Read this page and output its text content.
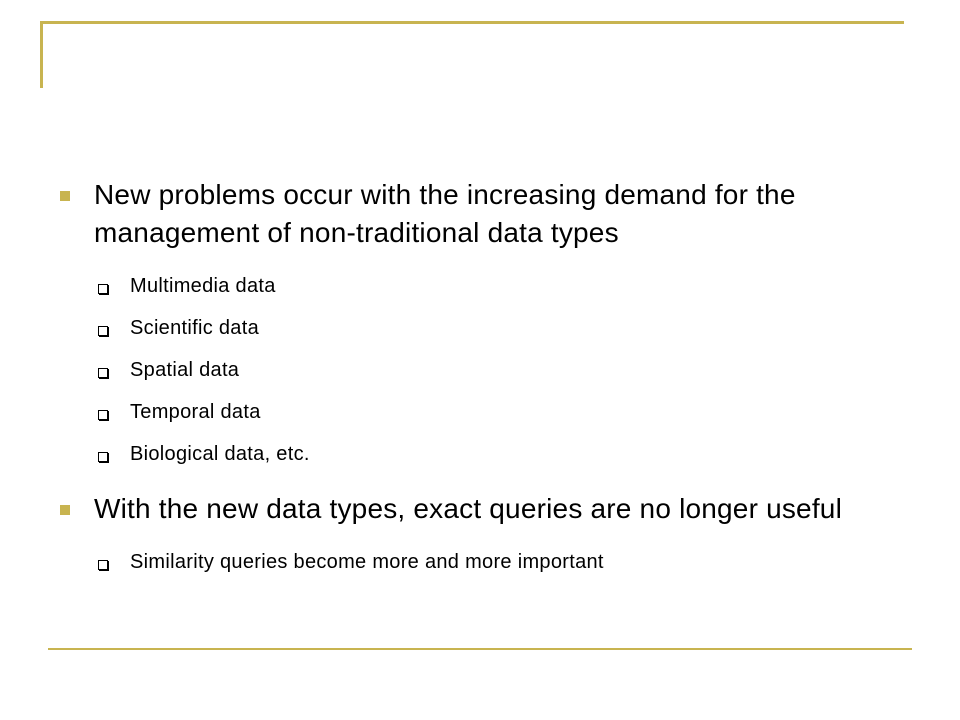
New problems occur with the increasing demand for the management of non-traditional data types
Multimedia data
Scientific data
Spatial data
Temporal data
Biological data, etc.
With the new data types, exact queries are no longer useful
Similarity queries become more and more important
